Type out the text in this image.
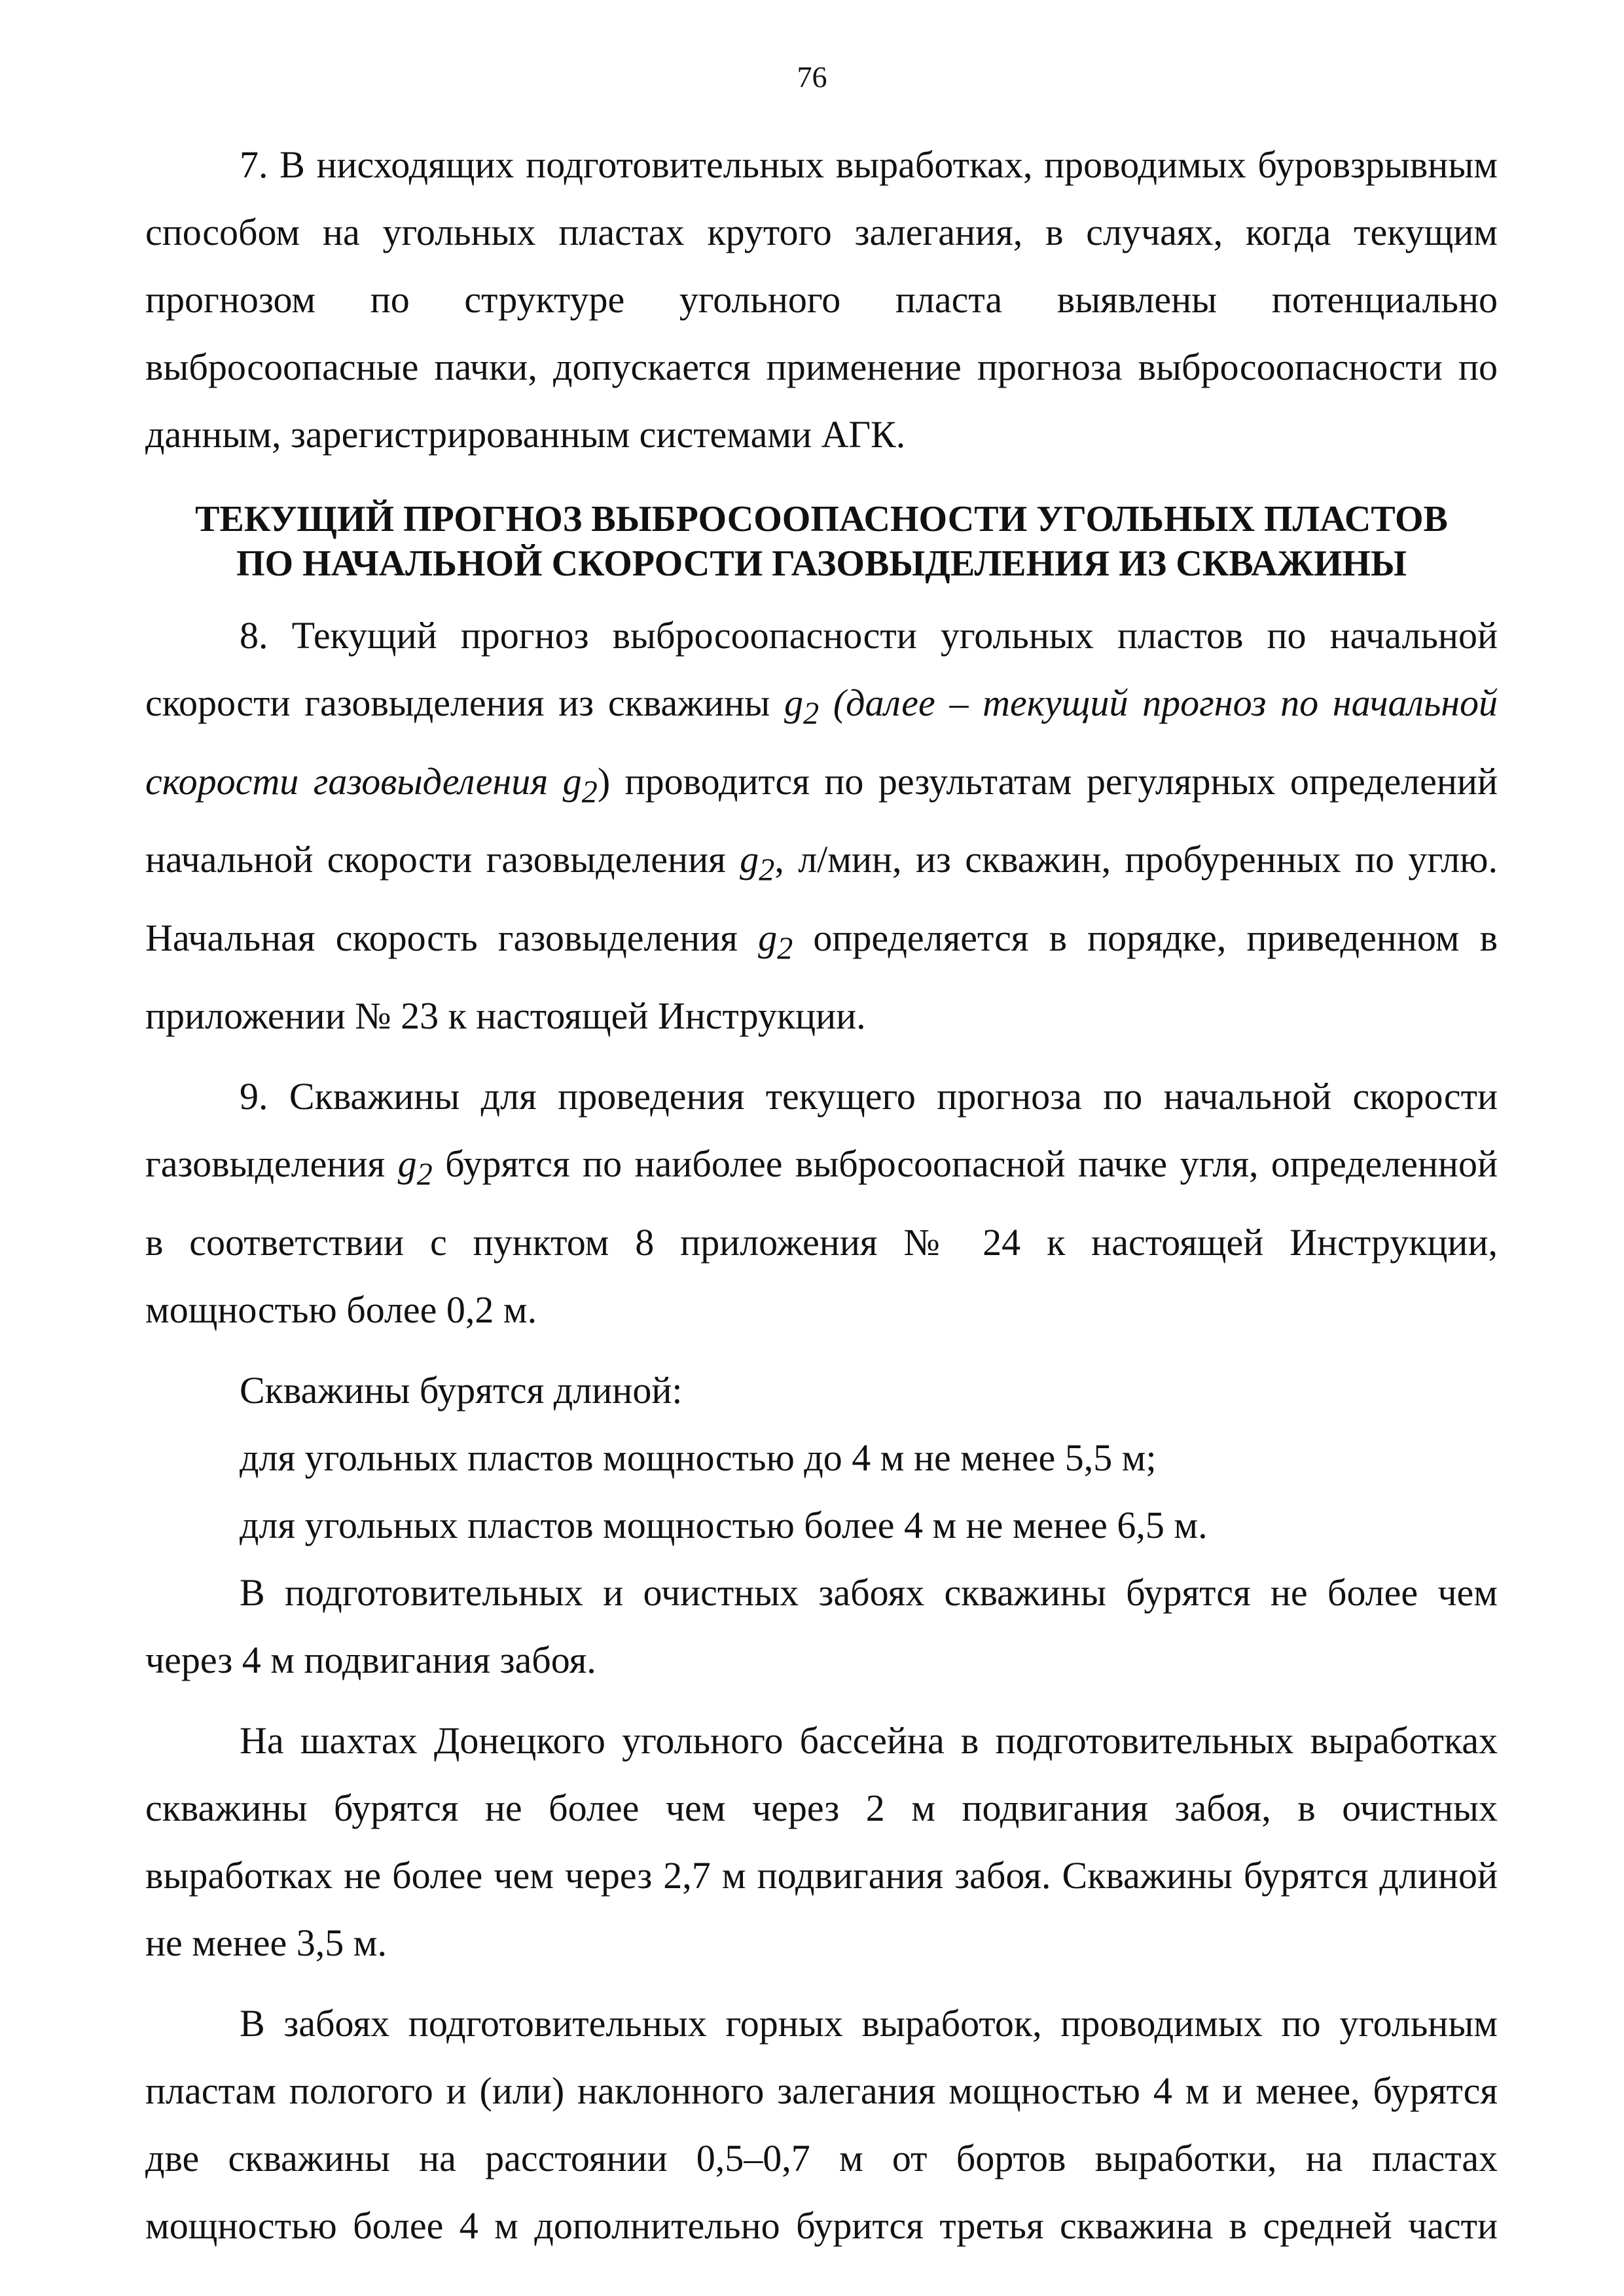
76

7. В нисходящих подготовительных выработках, проводимых буровзрывным способом на угольных пластах крутого залегания, в случаях, когда текущим прогнозом по структуре угольного пласта выявлены потенциально выбросоопасные пачки, допускается применение прогноза выбросоопасности по данным, зарегистрированным системами АГК.

ТЕКУЩИЙ ПРОГНОЗ ВЫБРОСООПАСНОСТИ УГОЛЬНЫХ ПЛАСТОВ
ПО НАЧАЛЬНОЙ СКОРОСТИ ГАЗОВЫДЕЛЕНИЯ ИЗ СКВАЖИНЫ

8. Текущий прогноз выбросоопасности угольных пластов по начальной скорости газовыделения из скважины $g_2$ (далее – текущий прогноз по начальной скорости газовыделения $g_2$) проводится по результатам регулярных определений начальной скорости газовыделения $g_2$, л/мин, из скважин, пробуренных по углю. Начальная скорость газовыделения $g_2$ определяется в порядке, приведенном в приложении № 23 к настоящей Инструкции.

9. Скважины для проведения текущего прогноза по начальной скорости газовыделения $g_2$ бурятся по наиболее выбросоопасной пачке угля, определенной в соответствии с пунктом 8 приложения № 24 к настоящей Инструкции, мощностью более 0,2 м.

Скважины бурятся длиной:

для угольных пластов мощностью до 4 м не менее 5,5 м;

для угольных пластов мощностью более 4 м не менее 6,5 м.

В подготовительных и очистных забоях скважины бурятся не более чем через 4 м подвигания забоя.

На шахтах Донецкого угольного бассейна в подготовительных выработках скважины бурятся не более чем через 2 м подвигания забоя, в очистных выработках не более чем через 2,7 м подвигания забоя. Скважины бурятся длиной не менее 3,5 м.

В забоях подготовительных горных выработок, проводимых по угольным пластам пологого и (или) наклонного залегания мощностью 4 м и менее, бурятся две скважины на расстоянии 0,5–0,7 м от бортов выработки, на пластах мощностью более 4 м дополнительно бурится третья скважина в средней части
